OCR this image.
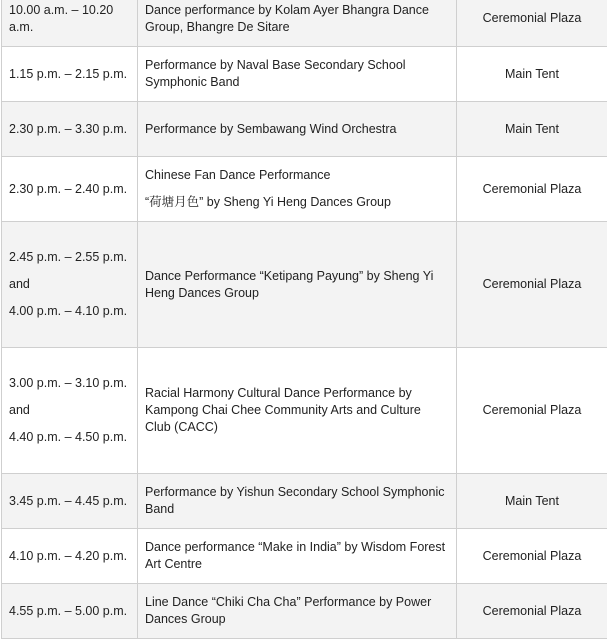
10.00 a.m. – 10.20 a.m.	Dance performance by Kolam Ayer Bhangra Dance Group, Bhangre De Sitare	Ceremonial Plaza

1.15 p.m. – 2.15 p.m.	Performance by Naval Base Secondary School Symphonic Band	Main Tent

2.30 p.m. – 3.30 p.m.	Performance by Sembawang Wind Orchestra	Main Tent

2.30 p.m. – 2.40 p.m.	Chinese Fan Dance Performance
“荷塘月色” by Sheng Yi Heng Dances Group	Ceremonial Plaza

2.45 p.m. – 2.55 p.m.
and
4.00 p.m. – 4.10 p.m.	Dance Performance “Ketipang Payung” by Sheng Yi Heng Dances Group	Ceremonial Plaza

3.00 p.m. – 3.10 p.m.
and
4.40 p.m. – 4.50 p.m.	Racial Harmony Cultural Dance Performance by Kampong Chai Chee Community Arts and Culture Club (CACC)	Ceremonial Plaza

3.45 p.m. – 4.45 p.m.	Performance by Yishun Secondary School Symphonic Band	Main Tent

4.10 p.m. – 4.20 p.m.	Dance performance “Make in India” by Wisdom Forest Art Centre	Ceremonial Plaza

4.55 p.m. – 5.00 p.m.	Line Dance “Chiki Cha Cha” Performance by Power Dances Group	Ceremonial Plaza
